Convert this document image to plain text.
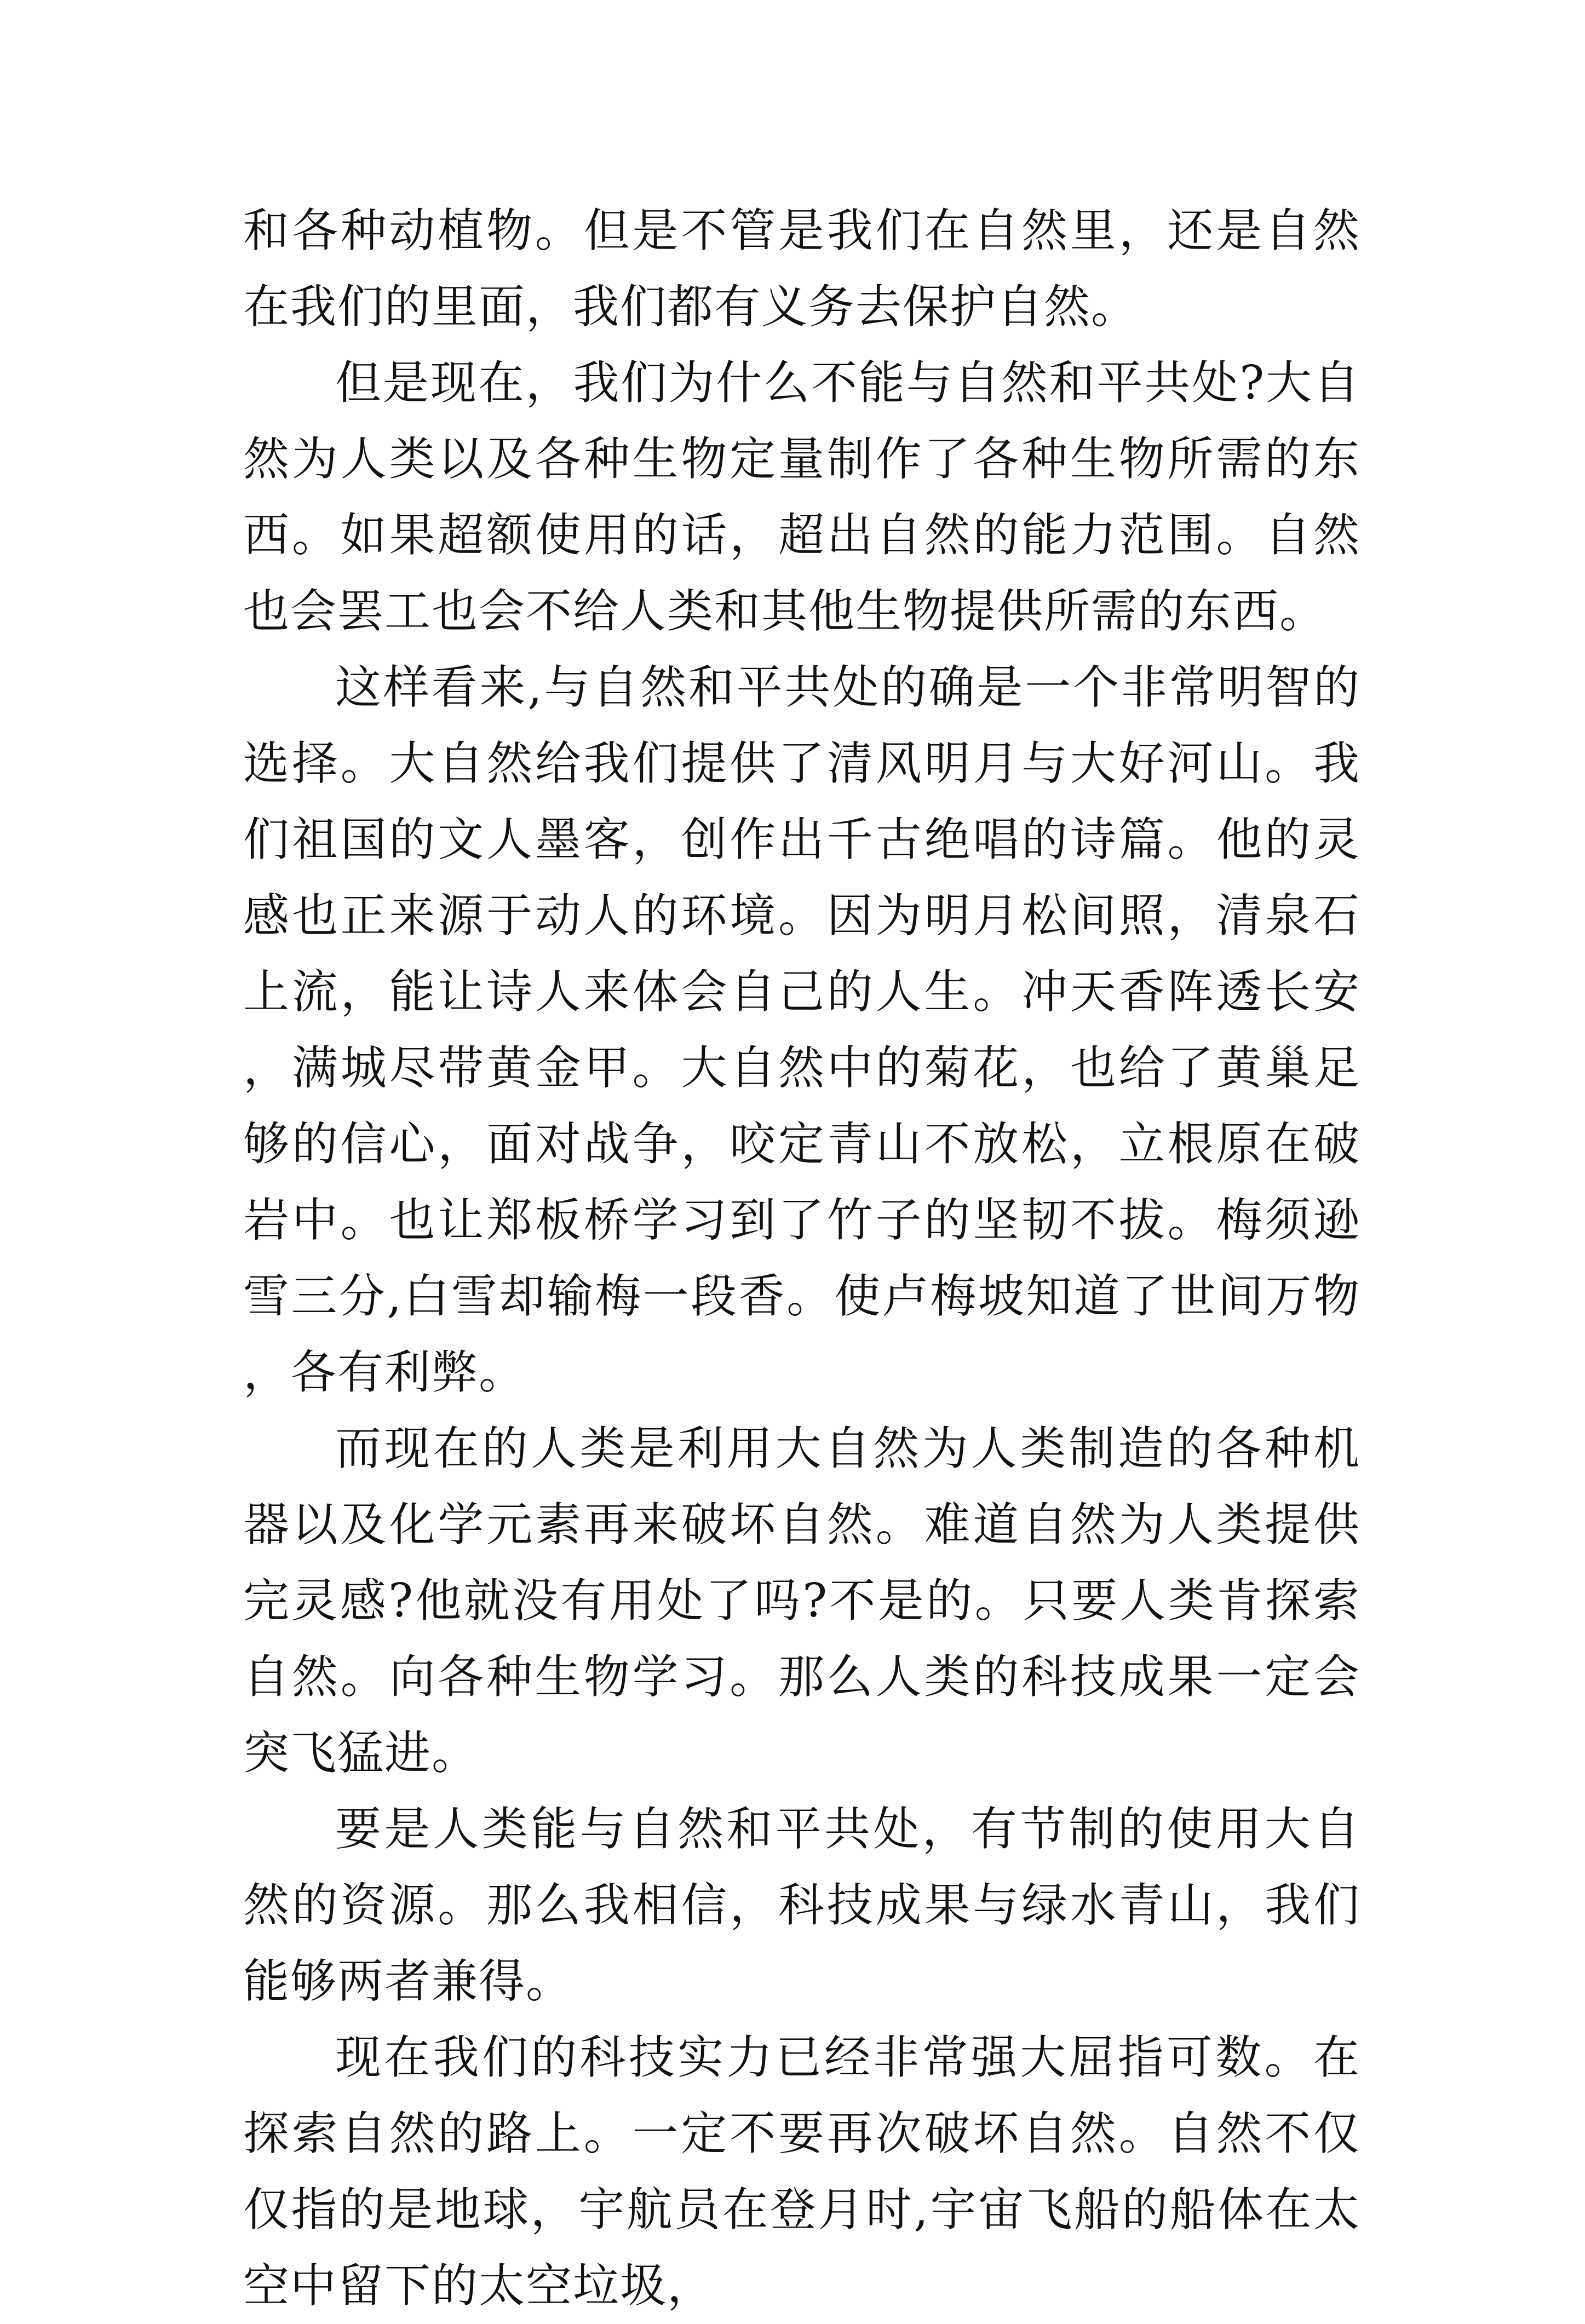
和各种动植物。但是不管是我们在自然里，还是自然在我们的里面，我们都有义务去保护自然。

但是现在，我们为什么不能与自然和平共处?大自然为人类以及各种生物定量制作了各种生物所需的东西。如果超额使用的话，超出自然的能力范围。自然也会罢工也会不给人类和其他生物提供所需的东西。

这样看来,与自然和平共处的确是一个非常明智的选择。大自然给我们提供了清风明月与大好河山。我们祖国的文人墨客，创作出千古绝唱的诗篇。他的灵感也正来源于动人的环境。因为明月松间照，清泉石上流，能让诗人来体会自己的人生。冲天香阵透长安，满城尽带黄金甲。大自然中的菊花，也给了黄巢足够的信心，面对战争，咬定青山不放松，立根原在破岩中。也让郑板桥学习到了竹子的坚韧不拔。梅须逊雪三分,白雪却输梅一段香。使卢梅坡知道了世间万物，各有利弊。

而现在的人类是利用大自然为人类制造的各种机器以及化学元素再来破坏自然。难道自然为人类提供完灵感?他就没有用处了吗?不是的。只要人类肯探索自然。向各种生物学习。那么人类的科技成果一定会突飞猛进。

要是人类能与自然和平共处，有节制的使用大自然的资源。那么我相信，科技成果与绿水青山，我们能够两者兼得。

现在我们的科技实力已经非常强大屈指可数。在探索自然的路上。一定不要再次破坏自然。自然不仅仅指的是地球，宇航员在登月时,宇宙飞船的船体在太空中留下的太空垃圾，
